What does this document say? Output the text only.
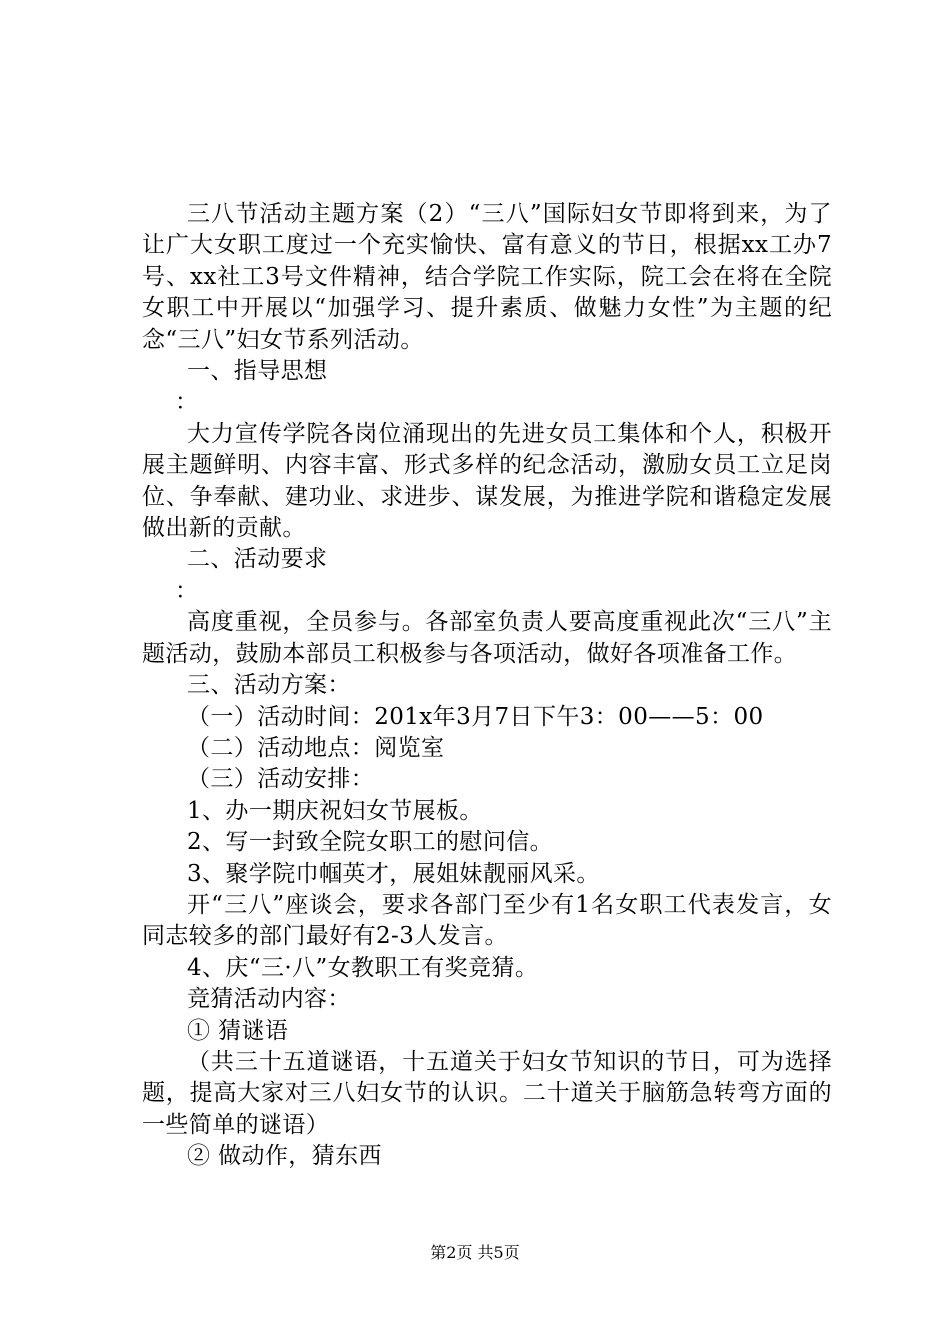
三八节活动主题方案（2）“三八”国际妇女节即将到来，为了让广大女职工度过一个充实愉快、富有意义的节日，根据xx工办7号、xx社工3号文件精神，结合学院工作实际，院工会在将在全院女职工中开展以“加强学习、提升素质、做魅力女性”为主题的纪念“三八”妇女节系列活动。

一、指导思想

：

大力宣传学院各岗位涌现出的先进女员工集体和个人，积极开展主题鲜明、内容丰富、形式多样的纪念活动，激励女员工立足岗位、争奉献、建功业、求进步、谋发展，为推进学院和谐稳定发展做出新的贡献。

二、活动要求

：

高度重视，全员参与。各部室负责人要高度重视此次“三八”主题活动，鼓励本部员工积极参与各项活动，做好各项准备工作。

三、活动方案：

（一）活动时间：201x年3月7日下午3：00——5：00

（二）活动地点：阅览室

（三）活动安排：

1、办一期庆祝妇女节展板。

2、写一封致全院女职工的慰问信。

3、聚学院巾帼英才，展姐妹靓丽风采。

开“三八”座谈会，要求各部门至少有1名女职工代表发言，女同志较多的部门最好有2-3人发言。

4、庆“三·八”女教职工有奖竞猜。

竞猜活动内容：

① 猜谜语

（共三十五道谜语，十五道关于妇女节知识的节日，可为选择题，提高大家对三八妇女节的认识。二十道关于脑筋急转弯方面的一些简单的谜语）

② 做动作，猜东西

第2页 共5页
